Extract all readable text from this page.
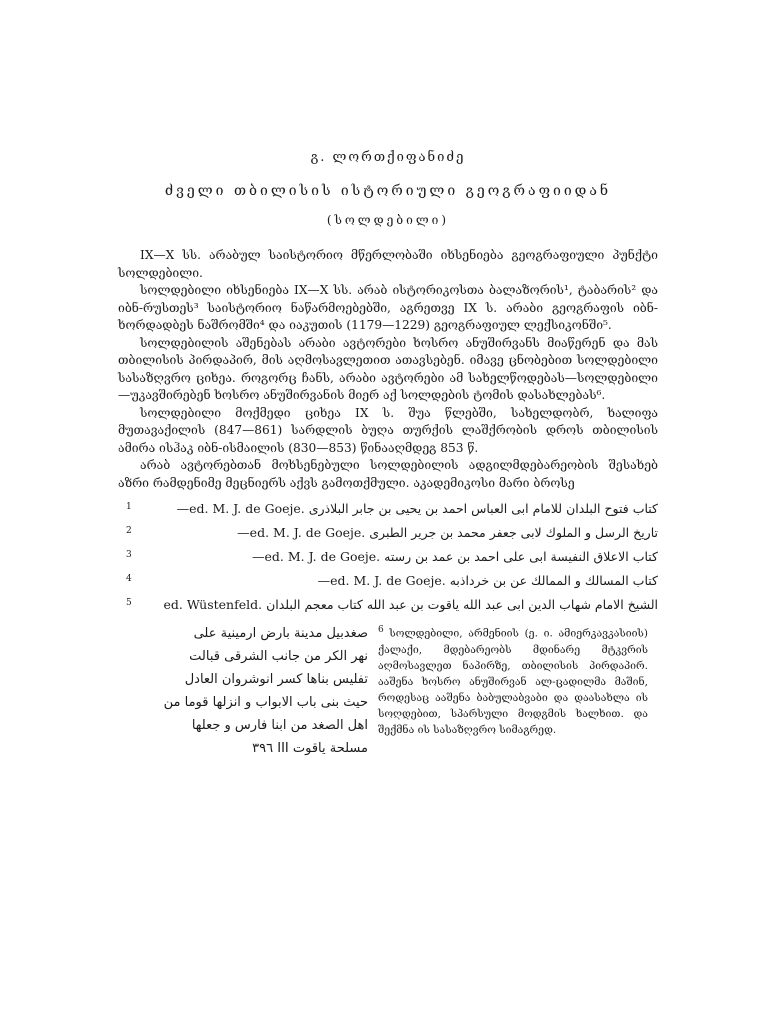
გ. ლორთქიფანიძე
ძველი თბილისის ისტორიული გეოგრაფიიდან
(სოლდებილი)

IX—X სს. არაბულ საისტორიო მწერლობაში იხსენიება გეოგრაფიული პუნქტი სოლდებილი.

სოლდებილი იხსენიება IX—X სს. არაბ ისტორიკოსთა ბალაზორის¹, ტაბარის² და იბნ-რუსთეს³ საისტორიო ნაწარმოებებში, აგრეთვე IX ს. არაბი გეოგრაფის იბნ-ხორდადბეს ნაშრომში⁴ და იაკუთის (1179—1229) გეოგრაფიულ ლექსიკონში⁵.

სოლდებილის აშენებას არაბი ავტორები ხოსრო ანუშირვანს მიაწერენ და მას თბილისის პირდაპირ, მის აღმოსავლეთით ათავსებენ. იმავე ცნობებით სოლდებილი სასაზღვრო ციხეა. როგორც ჩანს, არაბი ავტორები ამ სახელწოდებას—სოლდებილი—უკავშირებენ ხოსრო ანუშირვანის მიერ აქ სოლდების ტომის დასახლებას⁶.

სოლდებილი მოქმედი ციხეა IX ს. შუა წლებში, სახელდობრ, ხალიფა მუთავაქილის (847—861) სარდლის ბუღა თურქის ლაშქრობის დროს თბილისის ამირა ისჰაკ იბნ-ისმაილის (830—853) წინააღმდეგ 853 წ.

არაბ ავტორებთან მოხსენებული სოლდებილის ადგილმდებარეობის შესახებ აზრი რამდენიმე მეცნიერს აქვს გამოთქმული. აკადემიკოსი მარი ბროსე

1	كتاب فتوح البلدان للامام ابى العباس احمد بن يحيى بن جابر البلاذرى —ed. M. J. de Goeje.
2	تاريخ الرسل و الملوك لابى جعفر محمد بن جرير الطبرى —ed. M. J. de Goeje.
3	كتاب الاعلاق النفيسة ابى على احمد بن عمد بن رسته —ed. M. J. de Goeje.
4	كتاب المسالك و الممالك عن بن خرداذبه —ed. M. J. de Goeje.
5	الشيخ الامام شهاب الدين ابى عبد الله ياقوت بن عبد الله كتاب معجم البلدان ed. Wüstenfeld.
صغدبيل مدينة بارض ارمينية على
نهر الكر من جانب الشرقى قبالت
تفليس بناها كسر انوشروان العادل
حيث بنى باب الابواب و انزلها قوما من
اهل الصغد من ابنا فارس و جعلها
مسلحة ياقوت III ٣٩٦
6 სოლდებილი, არმენიის (ე. ი. ამიერკავკასიის) ქალაქი, მდებარეობს მდინარე მტკვრის აღმოსავლეთ ნაპირზე, თბილისის პირდაპირ. ააშენა ხოსრო ანუშირვან ალ-ცადილმა მაშინ, როდესაც ააშენა ბაბულაბვაბი და დაასახლა ის სოღდებით, სპარსული მოდგმის ხალხით. და შექმნა ის სასაზღვრო სიმაგრედ.
